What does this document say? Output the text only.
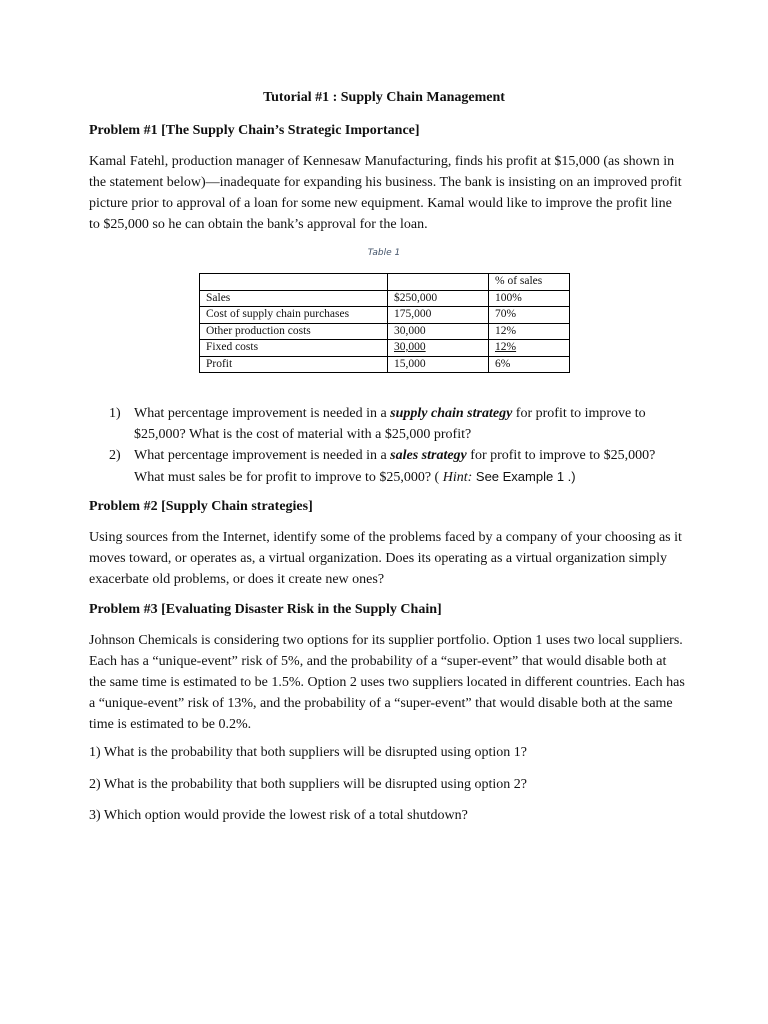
Tutorial #1 : Supply Chain Management
Problem #1 [The Supply Chain’s Strategic Importance]
Kamal Fatehl, production manager of Kennesaw Manufacturing, finds his profit at $15,000 (as shown in the statement below)—inadequate for expanding his business. The bank is insisting on an improved profit picture prior to approval of a loan for some new equipment. Kamal would like to improve the profit line to $25,000 so he can obtain the bank’s approval for the loan.
Table 1
		% of sales
Sales	$250,000	100%
Cost of supply chain purchases	175,000	70%
Other production costs	30,000	12%
Fixed costs	30,000	12%
Profit	15,000	6%
1) What percentage improvement is needed in a supply chain strategy for profit to improve to $25,000? What is the cost of material with a $25,000 profit?
2) What percentage improvement is needed in a sales strategy for profit to improve to $25,000? What must sales be for profit to improve to $25,000? ( Hint: See Example 1 .)
Problem #2 [Supply Chain strategies]
Using sources from the Internet, identify some of the problems faced by a company of your choosing as it moves toward, or operates as, a virtual organization. Does its operating as a virtual organization simply exacerbate old problems, or does it create new ones?
Problem #3 [Evaluating Disaster Risk in the Supply Chain]
Johnson Chemicals is considering two options for its supplier portfolio. Option 1 uses two local suppliers. Each has a “unique-event” risk of 5%, and the probability of a “super-event” that would disable both at the same time is estimated to be 1.5%. Option 2 uses two suppliers located in different countries. Each has a “unique-event” risk of 13%, and the probability of a “super-event” that would disable both at the same time is estimated to be 0.2%.
1) What is the probability that both suppliers will be disrupted using option 1?
2) What is the probability that both suppliers will be disrupted using option 2?
3) Which option would provide the lowest risk of a total shutdown?
